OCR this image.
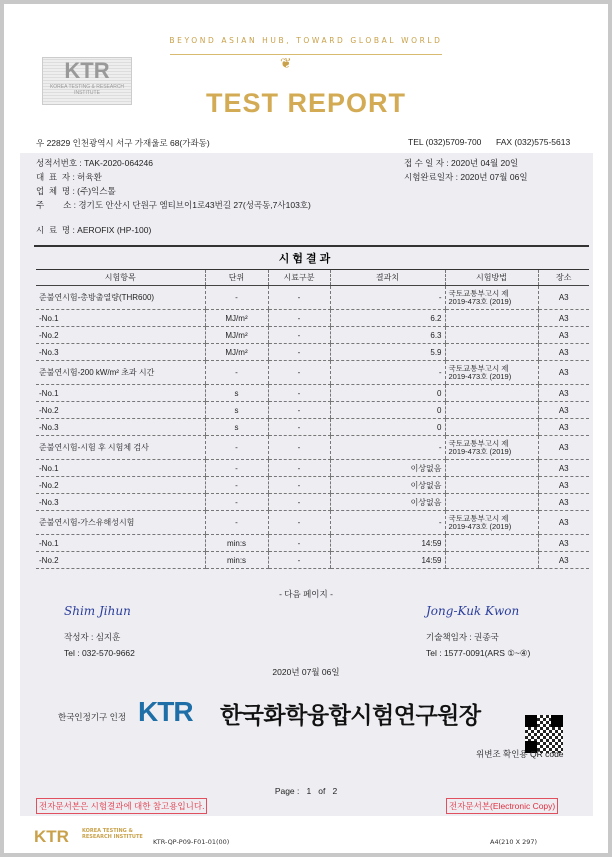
BEYOND ASIAN HUB, TOWARD GLOBAL WORLD
❦
KTR
KOREA TESTING & RESEARCH INSTITUTE	TEST REPORT
우 22829 인천광역시 서구 가재울로 68(가좌동)	TEL (032)5709-700 FAX (032)575-5613
성적서번호 : TAK-2020-064246
대  표  자 : 허육환
업  체  명 : (주)익스톨
주        소 : 경기도 안산시 단원구 엠티브이1로43번길 27(성곡동,7사103호)
시  료  명 : AEROFIX (HP-100)
접 수 일 자 : 2020년 04월 20일
시험완료일자 : 2020년 07월 06일
시험결과
시험항목	단위	시료구분	결과치	시험방법	장소
준불연시험-총방출열량(THR600)	-	-	-	국토교통부고시 제
2019-473호 (2019)	A3
-No.1	MJ/m²	-	6.2		A3
-No.2	MJ/m²	-	6.3		A3
-No.3	MJ/m²	-	5.9		A3
준불연시험-200 kW/m² 초과 시간	-	-	-	국토교통부고시 제
2019-473호 (2019)	A3
-No.1	s	-	0		A3
-No.2	s	-	0		A3
-No.3	s	-	0		A3
준불연시험-시험 후 시험체 검사	-	-	-	국토교통부고시 제
2019-473호 (2019)	A3
-No.1	-	-	이상없음		A3
-No.2	-	-	이상없음		A3
-No.3	-	-	이상없음		A3
준불연시험-가스유해성시험	-	-	-	국토교통부고시 제
2019-473호 (2019)	A3
-No.1	min:s	-	14:59		A3
-No.2	min:s	-	14:59		A3
- 다음 페이지 -
Shim Jihun
작성자 : 심지훈
Tel : 032-570-9662
Jong-Kuk Kwon
기술책임자 : 권종국
Tel : 1577-0091(ARS ①~④)
2020년 07월 06일
한국인정기구 인정 KTR 한국화학융합시험연구원장
위변조 확인용 QR code
Page :   1   of   2
전자문서본은 시험결과에 대한 참고용입니다.	전자문서본(Electronic Copy)
KTR	KOREA TESTING & RESEARCH INSTITUTE
KTR-QP-P09-F01-01(00)	A4(210 X 297)
